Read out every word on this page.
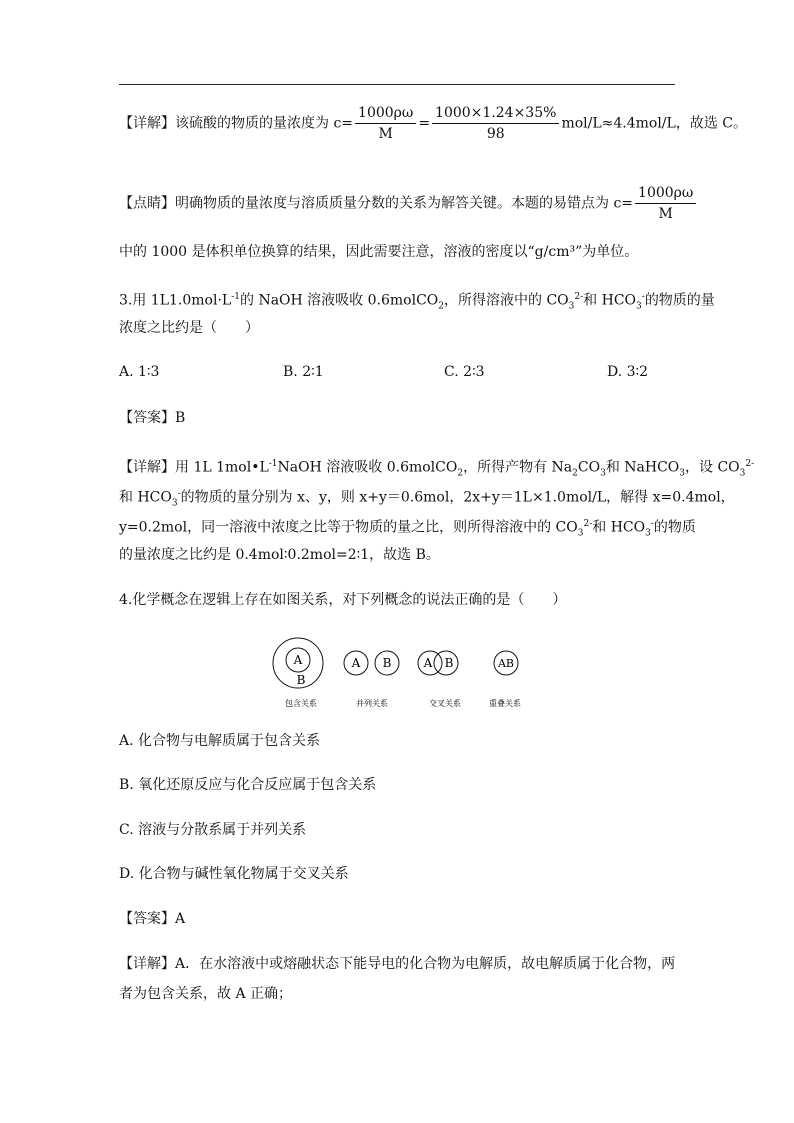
【详解】该硫酸的物质的量浓度为 $c= \frac{1000\rho\omega}{M} = \frac{1000\times 1.24\times 35\%}{98} mol/L\approx 4.4mol/L$，故选 C。
【点睛】明确物质的量浓度与溶质质量分数的关系为解答关键。本题的易错点为 $c= \frac{1000\rho\omega}{M}$
中的 1000 是体积单位换算的结果，因此需要注意，溶液的密度以“g/cm³”为单位。
3.用 $1L1.0mol\cdot L^{-1}$的 NaOH 溶液吸收 0.6molCO$_2$，所得溶液中的 $CO_3^{2-}$和 $HCO_3^-$的物质的量
浓度之比约是（　　）
A. 1∶3	B. 2∶1	C. 2∶3	D. 3∶2
【答案】B
【详解】用 1L $1mol•L^{-1}NaOH$ 溶液吸收 0.6molCO$_2$，所得产物有 $Na_2CO_3$和 NaHCO$_3$，设 $CO_3^{2-}$
和 $HCO_3^-$的物质的量分别为 x、y，则 x+y＝0.6mol，2x+y＝1L×1.0mol/L，解得 x=0.4mol，
y=0.2mol，同一溶液中浓度之比等于物质的量之比，则所得溶液中的 $CO_3^{2-}$和 $HCO_3^-$的物质
的量浓度之比约是 0.4mol∶0.2mol=2∶1，故选 B。
4.化学概念在逻辑上存在如图关系，对下列概念的说法正确的是（　　）
A
B
A B	A B	AB
包含关系	并列关系	交叉关系	重叠关系
A. 化合物与电解质属于包含关系
B. 氧化还原反应与化合反应属于包含关系
C. 溶液与分散系属于并列关系
D. 化合物与碱性氧化物属于交叉关系
【答案】A
【详解】A．在水溶液中或熔融状态下能导电的化合物为电解质，故电解质属于化合物，两
者为包含关系，故 A 正确；
